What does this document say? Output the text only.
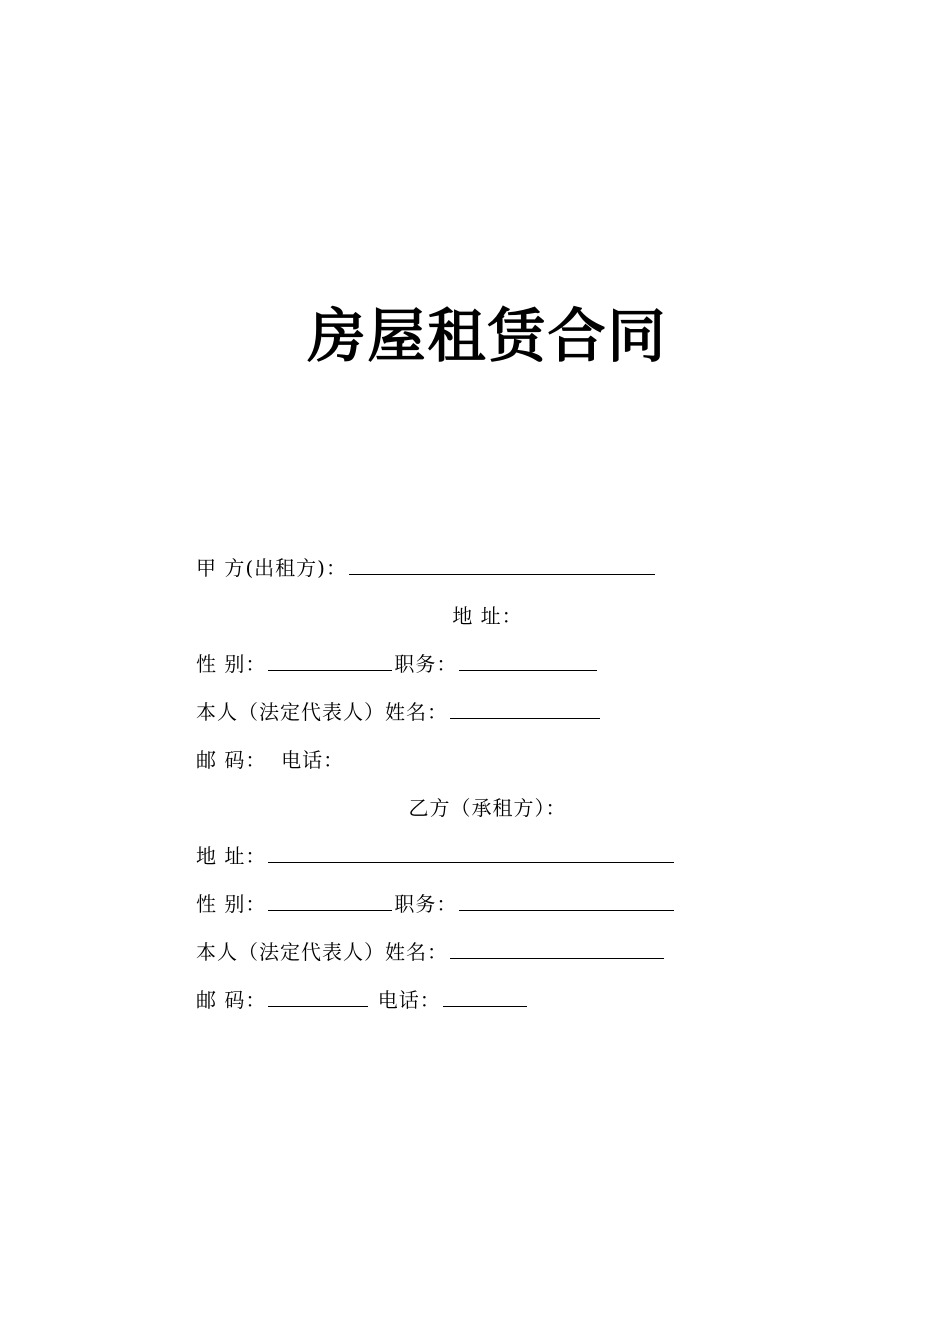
房屋租赁合同
甲 方(出租方)：
地 址：
性 别：	职务：
本人（法定代表人）姓名：
邮 码： 电话：
乙方（承租方）：
地 址：
性 别：	职务：
本人（法定代表人）姓名：
邮 码：	电话：
